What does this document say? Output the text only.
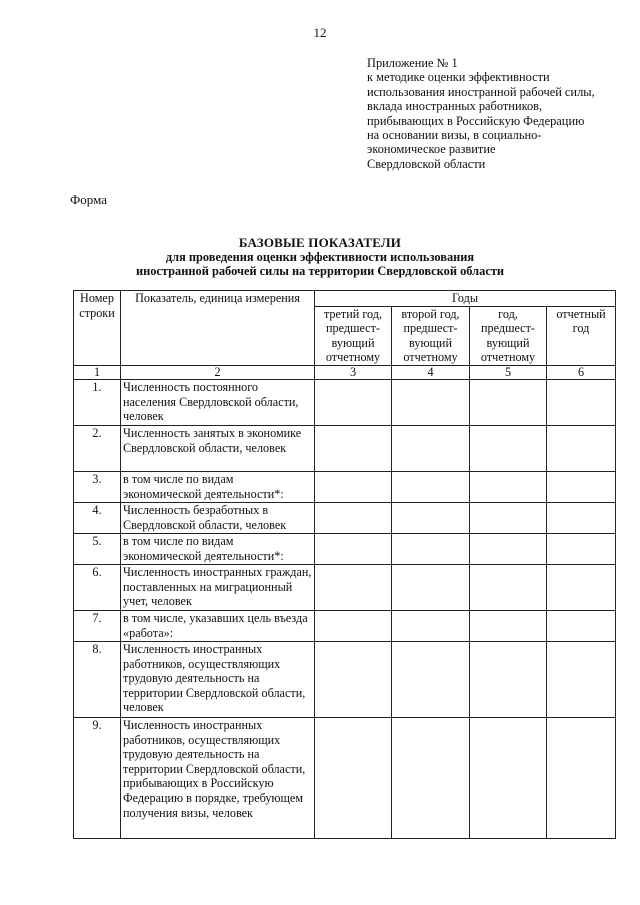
12
Приложение № 1
к методике оценки эффективности
использования иностранной рабочей силы,
вклада иностранных работников,
прибывающих в Российскую Федерацию
на основании визы, в социально-
экономическое развитие
Свердловской области
Форма
БАЗОВЫЕ ПОКАЗАТЕЛИ
для проведения оценки эффективности использования
иностранной рабочей силы на территории Свердловской области
Номер строки	Показатель, единица измерения	Годы			
		третий год, предшест- вующий отчетному	второй год, предшест- вующий отчетному	год, предшест- вующий отчетному	отчетный год
1	2	3	4	5	6
1.	Численность постоянного населения Свердловской области, человек				
2.	Численность занятых в экономике Свердловской области, человек				
3.	в том числе по видам экономической деятельности*:				
4.	Численность безработных в Свердловской области, человек				
5.	в том числе по видам экономической деятельности*:				
6.	Численность иностранных граждан, поставленных на миграционный учет, человек				
7.	в том числе, указавших цель въезда «работа»:				
8.	Численность иностранных работников, осуществляющих трудовую деятельность на территории Свердловской области, человек				
9.	Численность иностранных работников, осуществляющих трудовую деятельность на территории Свердловской области, прибывающих в Российскую Федерацию в порядке, требующем получения визы, человек				
